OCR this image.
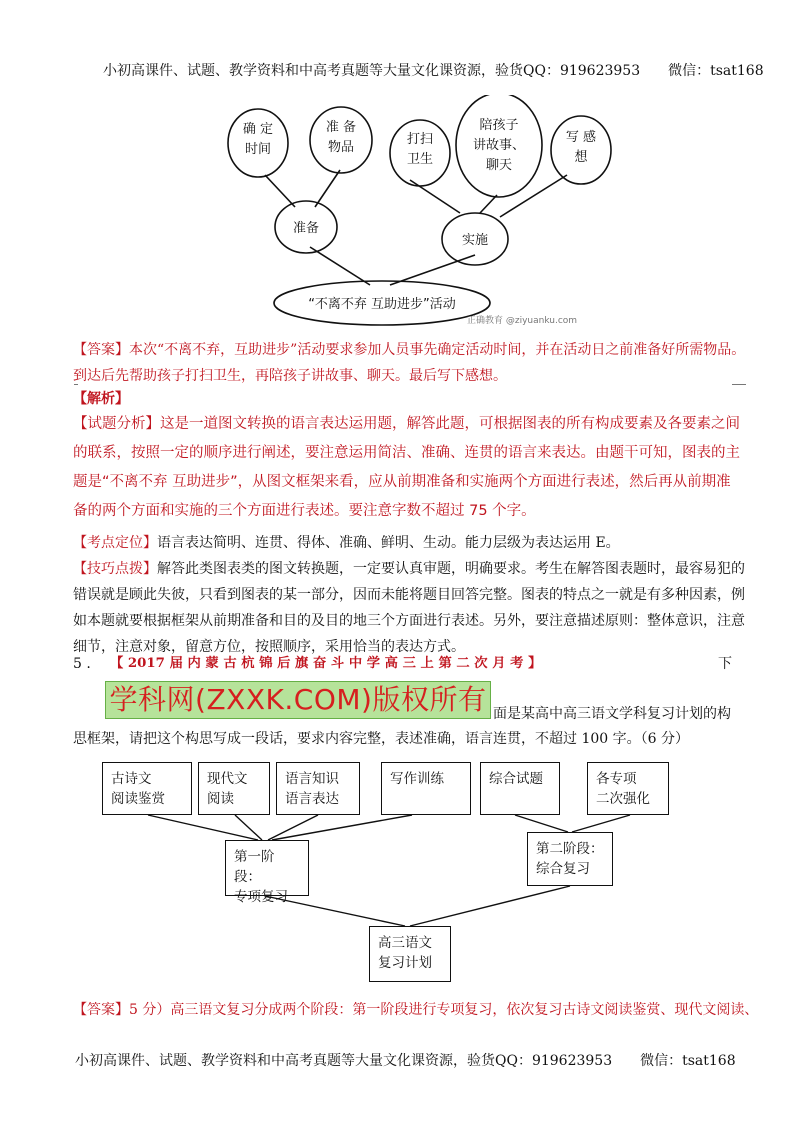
小初高课件、试题、教学资料和中高考真题等大量文化课资源，验货QQ：919623953　　微信：tsat168
确 定
时间
准 备
物品
打扫
卫生
陪孩子
讲故事、
聊天
写 感
想
准备
实施
“不离不弃 互助进步”活动
正确教育 @ziyuanku.com
【答案】本次“不离不弃，互助进步”活动要求参加人员事先确定活动时间，并在活动日之前准备好所需物品。
到达后先帮助孩子打扫卫生，再陪孩子讲故事、聊天。最后写下感想。
【解析】
【试题分析】这是一道图文转换的语言表达运用题，解答此题，可根据图表的所有构成要素及各要素之间
的联系，按照一定的顺序进行阐述，要注意运用简洁、准确、连贯的语言来表达。由题干可知，图表的主
题是“不离不弃 互助进步”，从图文框架来看，应从前期准备和实施两个方面进行表述，然后再从前期准
备的两个方面和实施的三个方面进行表述。要注意字数不超过 75 个字。
【考点定位】语言表达简明、连贯、得体、准确、鲜明、生动。能力层级为表达运用 E。
【技巧点拨】解答此类图表类的图文转换题，一定要认真审题，明确要求。考生在解答图表题时，最容易犯的
错误就是顾此失彼，只看到图表的某一部分，因而未能将题目回答完整。图表的特点之一就是有多种因素，例
如本题就要根据框架从前期准备和目的及目的地三个方面进行表述。另外，要注意描述原则：整体意识，注意
细节，注意对象，留意方位，按照顺序，采用恰当的表达方式。
5 . 【 2017 届 内 蒙 古 杭 锦 后 旗 奋 斗 中 学 高 三 上 第 二 次 月 考 】	下
学科网(ZXXK.COM)版权所有 面是某高中高三语文学科复习计划的构
思框架，请把这个构思写成一段话，要求内容完整，表述准确，语言连贯，不超过 100 字。（6 分）
古诗文
阅读鉴赏
现代文
阅读
语言知识
语言表达
写作训练	综合试题	各专项
二次强化
第一阶段：
专项复习
第二阶段：
综合复习
高三语文
复习计划
【答案】5 分）高三语文复习分成两个阶段：第一阶段进行专项复习，依次复习古诗文阅读鉴赏、现代文阅读、
小初高课件、试题、教学资料和中高考真题等大量文化课资源，验货QQ：919623953　　微信：tsat168
